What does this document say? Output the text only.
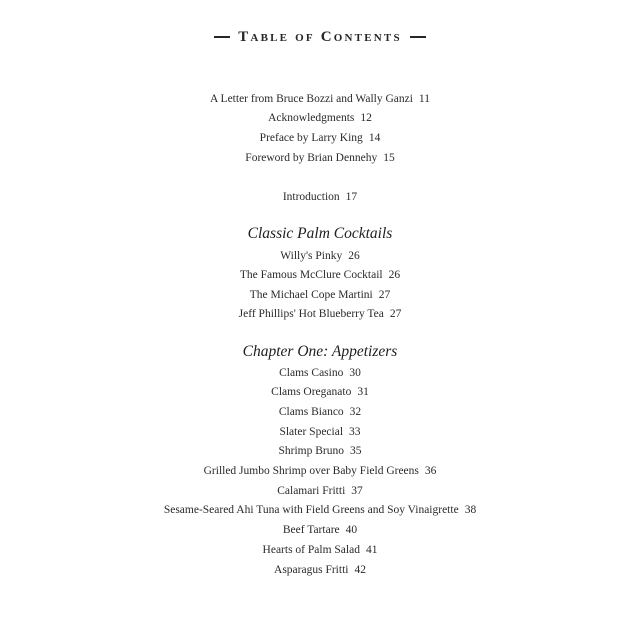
Table of Contents
A Letter from Bruce Bozzi and Wally Ganzi 11
Acknowledgments 12
Preface by Larry King 14
Foreword by Brian Dennehy 15
Introduction 17
Classic Palm Cocktails
Willy's Pinky 26
The Famous McClure Cocktail 26
The Michael Cope Martini 27
Jeff Phillips' Hot Blueberry Tea 27
Chapter One: Appetizers
Clams Casino 30
Clams Oreganato 31
Clams Bianco 32
Slater Special 33
Shrimp Bruno 35
Grilled Jumbo Shrimp over Baby Field Greens 36
Calamari Fritti 37
Sesame-Seared Ahi Tuna with Field Greens and Soy Vinaigrette 38
Beef Tartare 40
Hearts of Palm Salad 41
Asparagus Fritti 42
